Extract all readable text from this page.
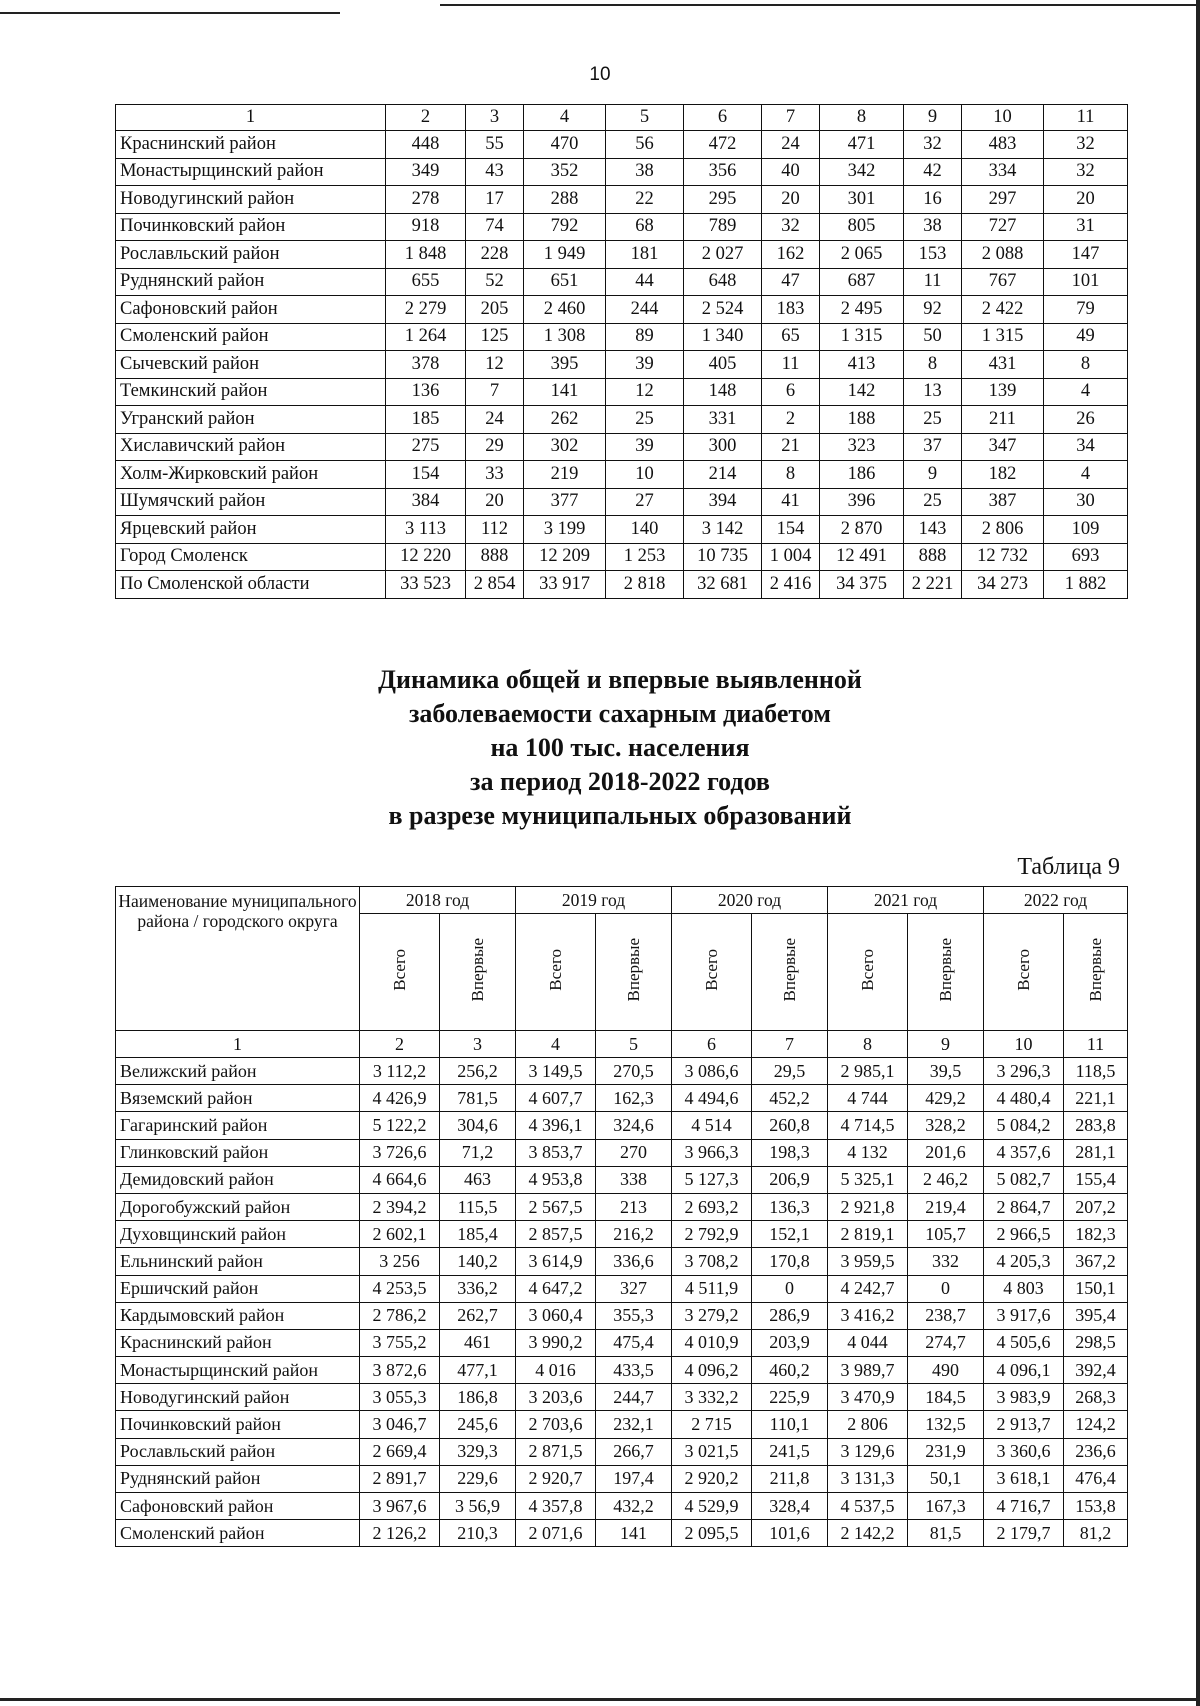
10
1	2	3	4	5	6	7	8	9	10	11
Краснинский район	448	55	470	56	472	24	471	32	483	32
Монастырщинский район	349	43	352	38	356	40	342	42	334	32
Новодугинский район	278	17	288	22	295	20	301	16	297	20
Починковский район	918	74	792	68	789	32	805	38	727	31
Рославльский район	1 848	228	1 949	181	2 027	162	2 065	153	2 088	147
Руднянский район	655	52	651	44	648	47	687	11	767	101
Сафоновский район	2 279	205	2 460	244	2 524	183	2 495	92	2 422	79
Смоленский район	1 264	125	1 308	89	1 340	65	1 315	50	1 315	49
Сычевский район	378	12	395	39	405	11	413	8	431	8
Темкинский район	136	7	141	12	148	6	142	13	139	4
Угранский район	185	24	262	25	331	2	188	25	211	26
Хиславичский район	275	29	302	39	300	21	323	37	347	34
Холм-Жирковский район	154	33	219	10	214	8	186	9	182	4
Шумячский район	384	20	377	27	394	41	396	25	387	30
Ярцевский район	3 113	112	3 199	140	3 142	154	2 870	143	2 806	109
Город Смоленск	12 220	888	12 209	1 253	10 735	1 004	12 491	888	12 732	693
По Смоленской области	33 523	2 854	33 917	2 818	32 681	2 416	34 375	2 221	34 273	1 882
Динамика общей и впервые выявленной
заболеваемости сахарным диабетом
на 100 тыс. населения
за период 2018-2022 годов
в разрезе муниципальных образований
Таблица 9
Наименование муниципального района / городского округа	2018 год		2019 год		2020 год		2021 год		2022 год	
	Всего	Впервые	Всего	Впервые	Всего	Впервые	Всего	Впервые	Всего	Впервые
1	2	3	4	5	6	7	8	9	10	11
Велижский район	3 112,2	256,2	3 149,5	270,5	3 086,6	29,5	2 985,1	39,5	3 296,3	118,5
Вяземский район	4 426,9	781,5	4 607,7	162,3	4 494,6	452,2	4 744	429,2	4 480,4	221,1
Гагаринский район	5 122,2	304,6	4 396,1	324,6	4 514	260,8	4 714,5	328,2	5 084,2	283,8
Глинковский район	3 726,6	71,2	3 853,7	270	3 966,3	198,3	4 132	201,6	4 357,6	281,1
Демидовский район	4 664,6	463	4 953,8	338	5 127,3	206,9	5 325,1	2 46,2	5 082,7	155,4
Дорогобужский район	2 394,2	115,5	2 567,5	213	2 693,2	136,3	2 921,8	219,4	2 864,7	207,2
Духовщинский район	2 602,1	185,4	2 857,5	216,2	2 792,9	152,1	2 819,1	105,7	2 966,5	182,3
Ельнинский район	3 256	140,2	3 614,9	336,6	3 708,2	170,8	3 959,5	332	4 205,3	367,2
Ершичский район	4 253,5	336,2	4 647,2	327	4 511,9	0	4 242,7	0	4 803	150,1
Кардымовский район	2 786,2	262,7	3 060,4	355,3	3 279,2	286,9	3 416,2	238,7	3 917,6	395,4
Краснинский район	3 755,2	461	3 990,2	475,4	4 010,9	203,9	4 044	274,7	4 505,6	298,5
Монастырщинский район	3 872,6	477,1	4 016	433,5	4 096,2	460,2	3 989,7	490	4 096,1	392,4
Новодугинский район	3 055,3	186,8	3 203,6	244,7	3 332,2	225,9	3 470,9	184,5	3 983,9	268,3
Починковский район	3 046,7	245,6	2 703,6	232,1	2 715	110,1	2 806	132,5	2 913,7	124,2
Рославльский район	2 669,4	329,3	2 871,5	266,7	3 021,5	241,5	3 129,6	231,9	3 360,6	236,6
Руднянский район	2 891,7	229,6	2 920,7	197,4	2 920,2	211,8	3 131,3	50,1	3 618,1	476,4
Сафоновский район	3 967,6	3 56,9	4 357,8	432,2	4 529,9	328,4	4 537,5	167,3	4 716,7	153,8
Смоленский район	2 126,2	210,3	2 071,6	141	2 095,5	101,6	2 142,2	81,5	2 179,7	81,2
